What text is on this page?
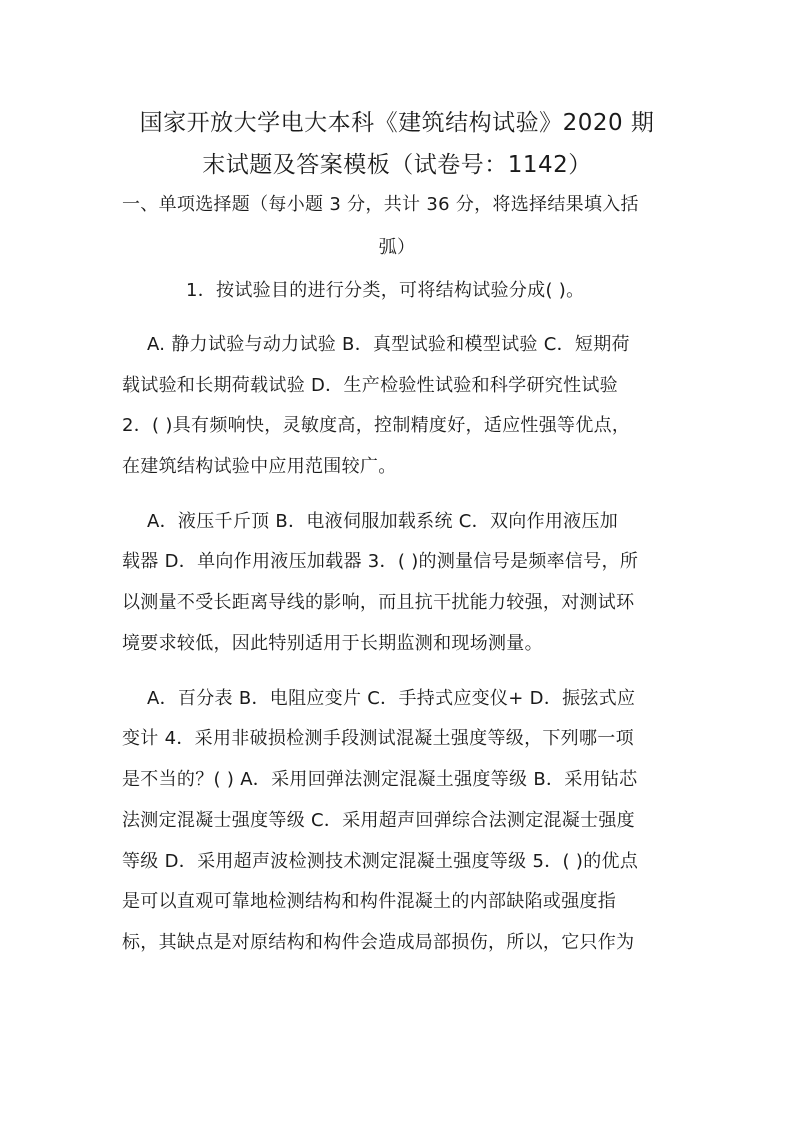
国家开放大学电大本科《建筑结构试验》2020 期
末试题及答案模板（试卷号：1142）
一、单项选择题（每小题 3 分，共计 36 分，将选择结果填入括
弧）
1．按试验目的进行分类，可将结构试验分成( )。
A. 静力试验与动力试验 B．真型试验和模型试验 C．短期荷
载试验和长期荷载试验 D．生产检验性试验和科学研究性试验
2．( )具有频响快，灵敏度高，控制精度好，适应性强等优点，
在建筑结构试验中应用范围较广。
A．液压千斤顶 B．电液伺服加载系统 C．双向作用液压加
载器 D．单向作用液压加载器 3．( )的测量信号是频率信号，所
以测量不受长距离导线的影响，而且抗干扰能力较强，对测试环
境要求较低，因此特别适用于长期监测和现场测量。
A．百分表 B．电阻应变片 C．手持式应变仪+ D．振弦式应
变计 4．采用非破损检测手段测试混凝土强度等级，下列哪一项
是不当的？( ) A．采用回弹法测定混凝土强度等级 B．采用钻芯
法测定混凝士强度等级 C．采用超声回弹综合法测定混凝士强度
等级 D．采用超声波检测技术测定混凝土强度等级 5．( )的优点
是可以直观可靠地检测结构和构件混凝土的内部缺陷或强度指
标，其缺点是对原结构和构件会造成局部损伤，所以，它只作为
